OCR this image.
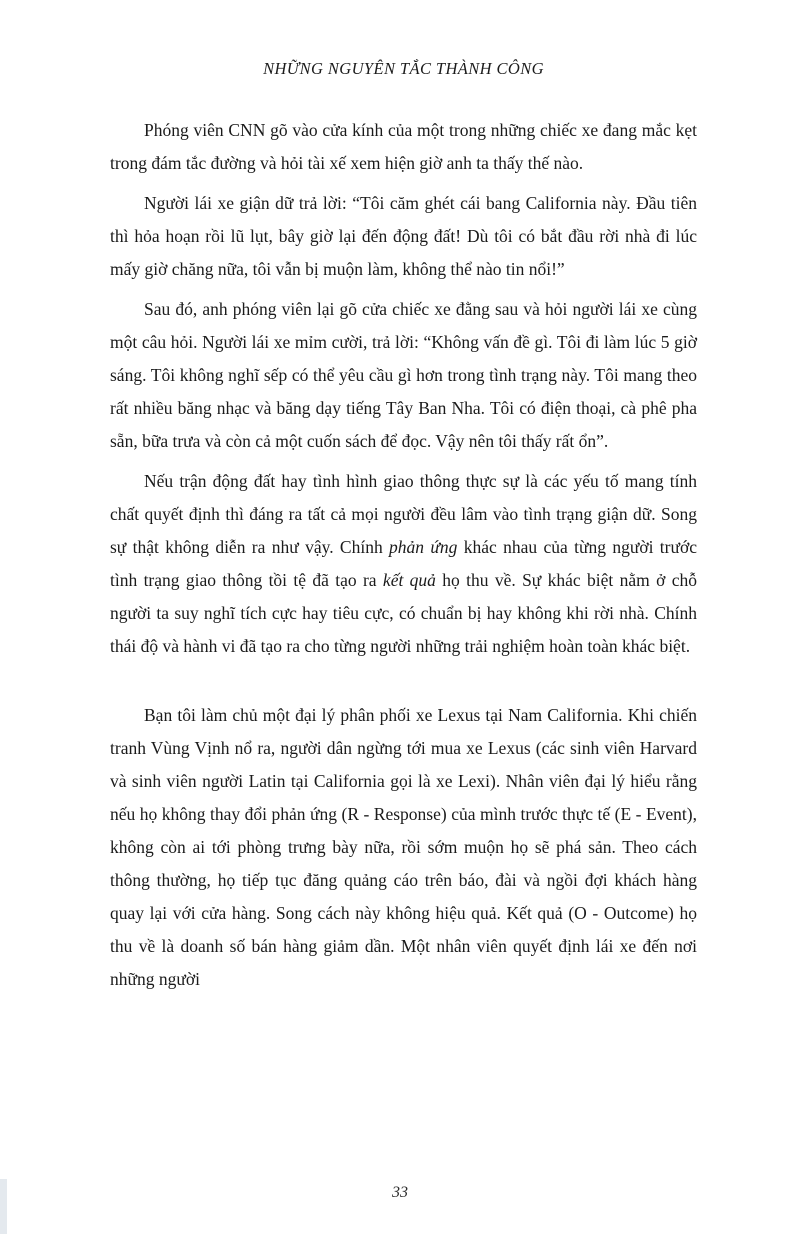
NHỮNG NGUYÊN TẮC THÀNH CÔNG

Phóng viên CNN gõ vào cửa kính của một trong những chiếc xe đang mắc kẹt trong đám tắc đường và hỏi tài xế xem hiện giờ anh ta thấy thế nào.

Người lái xe giận dữ trả lời: “Tôi căm ghét cái bang California này. Đầu tiên thì hỏa hoạn rồi lũ lụt, bây giờ lại đến động đất! Dù tôi có bắt đầu rời nhà đi lúc mấy giờ chăng nữa, tôi vẫn bị muộn làm, không thể nào tin nổi!”

Sau đó, anh phóng viên lại gõ cửa chiếc xe đằng sau và hỏi người lái xe cùng một câu hỏi. Người lái xe mỉm cười, trả lời: “Không vấn đề gì. Tôi đi làm lúc 5 giờ sáng. Tôi không nghĩ sếp có thể yêu cầu gì hơn trong tình trạng này. Tôi mang theo rất nhiều băng nhạc và băng dạy tiếng Tây Ban Nha. Tôi có điện thoại, cà phê pha sẵn, bữa trưa và còn cả một cuốn sách để đọc. Vậy nên tôi thấy rất ổn”.

Nếu trận động đất hay tình hình giao thông thực sự là các yếu tố mang tính chất quyết định thì đáng ra tất cả mọi người đều lâm vào tình trạng giận dữ. Song sự thật không diễn ra như vậy. Chính phản ứng khác nhau của từng người trước tình trạng giao thông tồi tệ đã tạo ra kết quả họ thu về. Sự khác biệt nằm ở chỗ người ta suy nghĩ tích cực hay tiêu cực, có chuẩn bị hay không khi rời nhà. Chính thái độ và hành vi đã tạo ra cho từng người những trải nghiệm hoàn toàn khác biệt.

Bạn tôi làm chủ một đại lý phân phối xe Lexus tại Nam California. Khi chiến tranh Vùng Vịnh nổ ra, người dân ngừng tới mua xe Lexus (các sinh viên Harvard và sinh viên người Latin tại California gọi là xe Lexi). Nhân viên đại lý hiểu rằng nếu họ không thay đổi phản ứng (R - Response) của mình trước thực tế (E - Event), không còn ai tới phòng trưng bày nữa, rồi sớm muộn họ sẽ phá sản. Theo cách thông thường, họ tiếp tục đăng quảng cáo trên báo, đài và ngồi đợi khách hàng quay lại với cửa hàng. Song cách này không hiệu quả. Kết quả (O - Outcome) họ thu về là doanh số bán hàng giảm dần. Một nhân viên quyết định lái xe đến nơi những người

33
